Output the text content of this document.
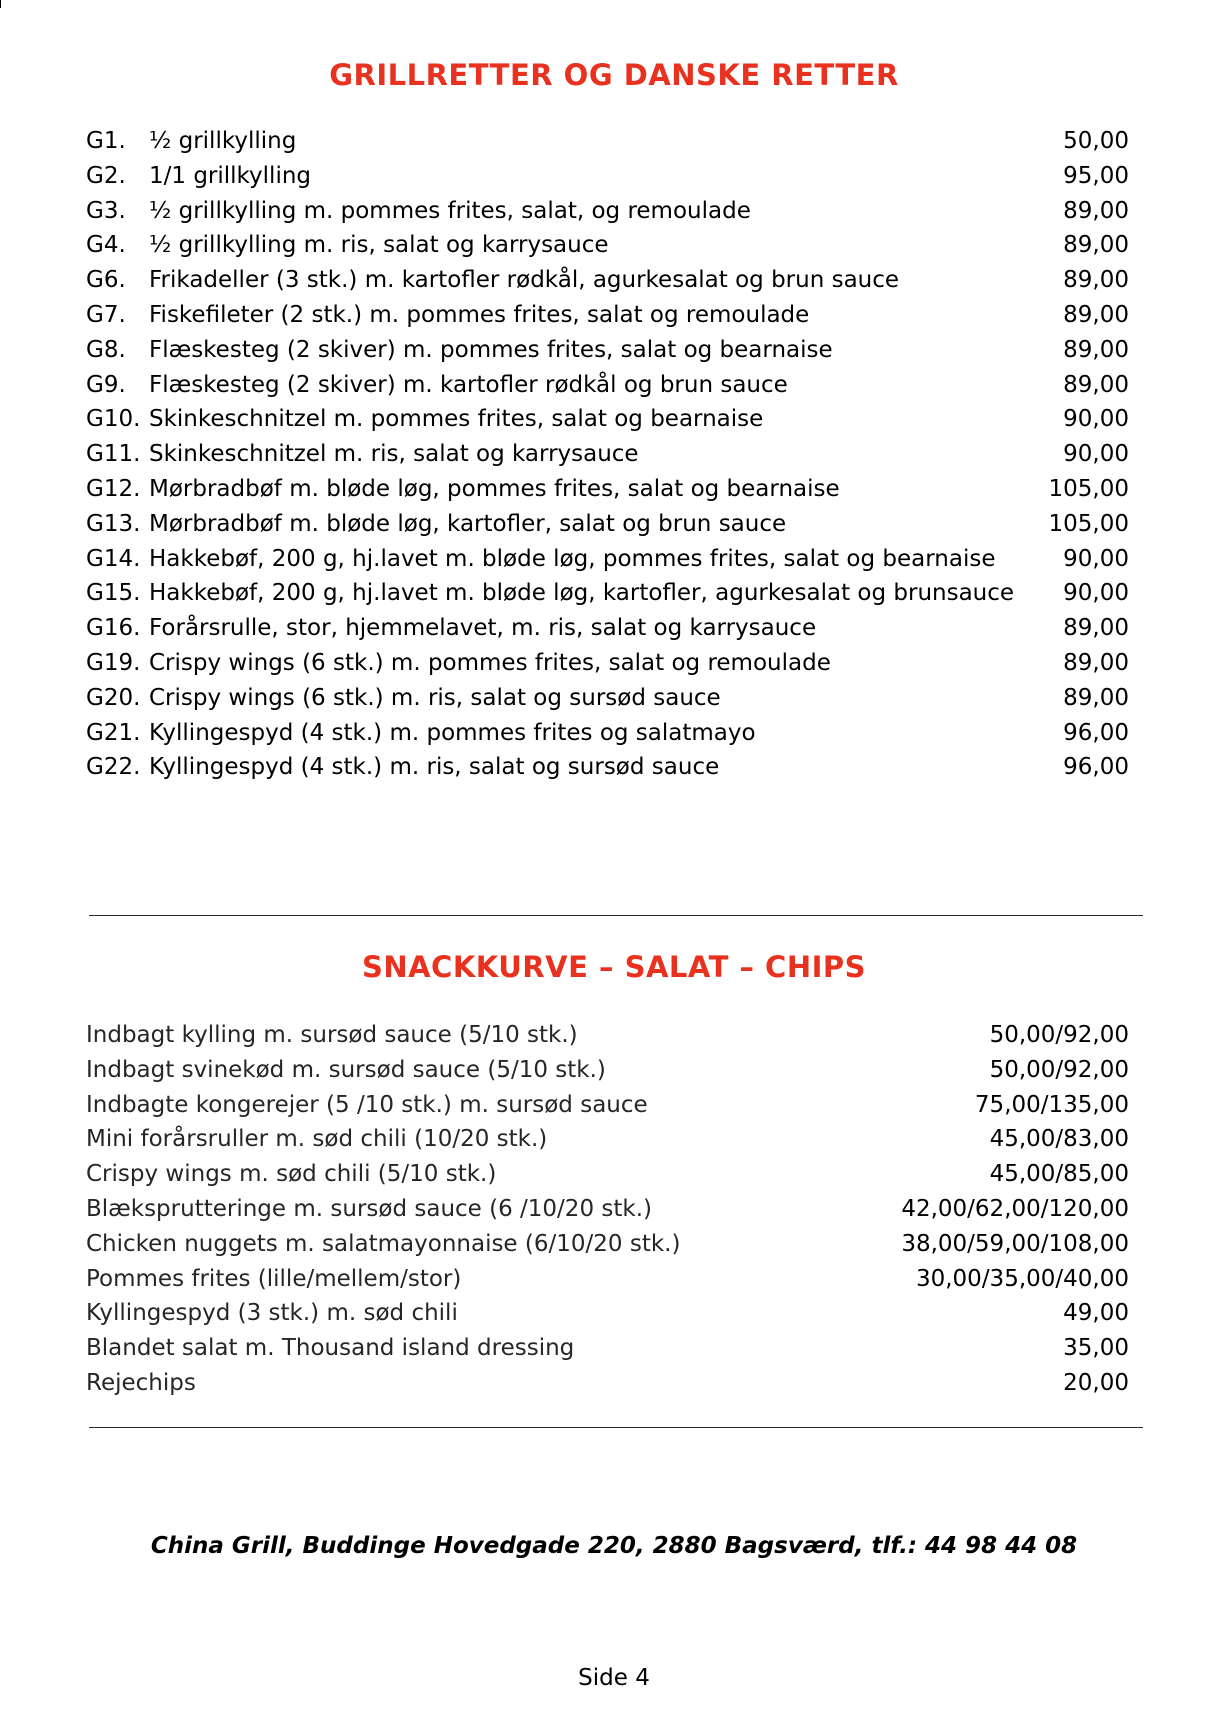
GRILLRETTER OG DANSKE RETTER
G1. ½ grillkylling	50,00
G2. 1/1 grillkylling	95,00
G3. ½ grillkylling m. pommes frites, salat, og remoulade	89,00
G4. ½ grillkylling m. ris, salat og karrysauce	89,00
G6. Frikadeller (3 stk.) m. kartofler rødkål, agurkesalat og brun sauce	89,00
G7. Fiskefileter (2 stk.) m. pommes frites, salat og remoulade	89,00
G8. Flæskesteg (2 skiver) m. pommes frites, salat og bearnaise	89,00
G9. Flæskesteg (2 skiver) m. kartofler rødkål og brun sauce	89,00
G10. Skinkeschnitzel m. pommes frites, salat og bearnaise	90,00
G11. Skinkeschnitzel m. ris, salat og karrysauce	90,00
G12. Mørbradbøf m. bløde løg, pommes frites, salat og bearnaise	105,00
G13. Mørbradbøf m. bløde løg, kartofler, salat og brun sauce	105,00
G14. Hakkebøf, 200 g, hj.lavet m. bløde løg, pommes frites, salat og bearnaise	90,00
G15. Hakkebøf, 200 g, hj.lavet m. bløde løg, kartofler, agurkesalat og brunsauce 90,00
G16. Forårsrulle, stor, hjemmelavet, m. ris, salat og karrysauce	89,00
G19. Crispy wings (6 stk.) m. pommes frites, salat og remoulade	89,00
G20. Crispy wings (6 stk.) m. ris, salat og sursød sauce	89,00
G21. Kyllingespyd (4 stk.) m. pommes frites og salatmayo	96,00
G22. Kyllingespyd (4 stk.) m. ris, salat og sursød sauce	96,00
SNACKKURVE – SALAT – CHIPS
Indbagt kylling m. sursød sauce (5/10 stk.)	50,00/92,00
Indbagt svinekød m. sursød sauce (5/10 stk.)	50,00/92,00
Indbagte kongerejer (5 /10 stk.) m. sursød sauce	75,00/135,00
Mini forårsruller m. sød chili (10/20 stk.)	45,00/83,00
Crispy wings m. sød chili (5/10 stk.)	45,00/85,00
Blæksprutteringe m. sursød sauce (6 /10/20 stk.)	42,00/62,00/120,00
Chicken nuggets m. salatmayonnaise (6/10/20 stk.)	38,00/59,00/108,00
Pommes frites (lille/mellem/stor)	30,00/35,00/40,00
Kyllingespyd (3 stk.) m. sød chili	49,00
Blandet salat m. Thousand island dressing	35,00
Rejechips	20,00
China Grill, Buddinge Hovedgade 220, 2880 Bagsværd, tlf.: 44 98 44 08
Side 4
